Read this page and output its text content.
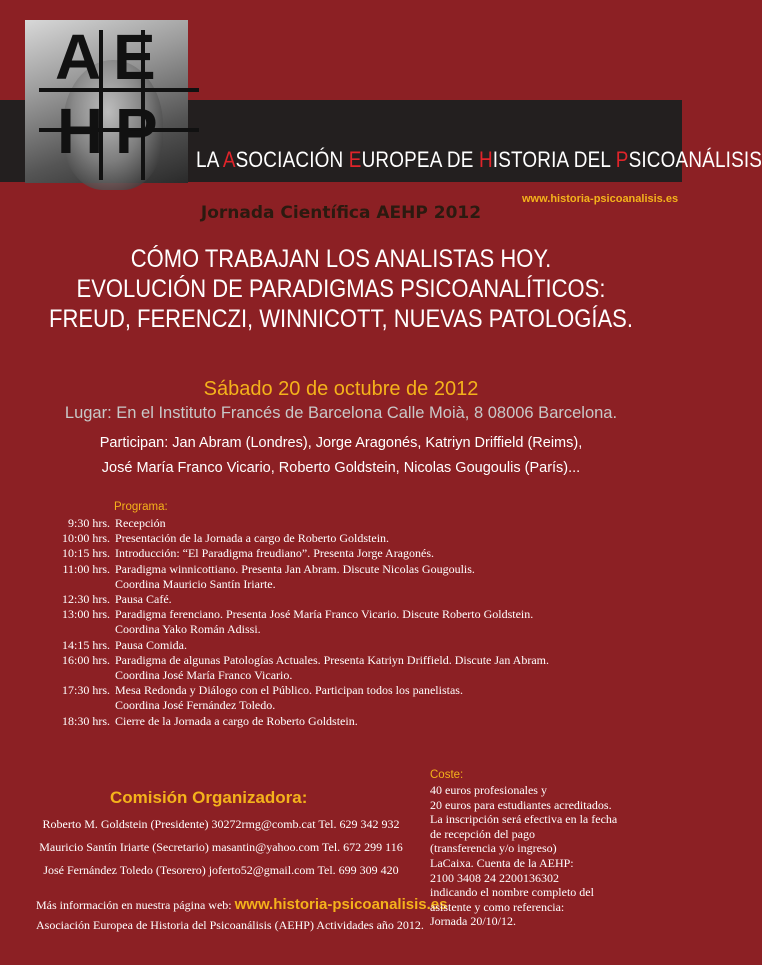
A E
H P LA ASOCIACIÓN EUROPEA DE HISTORIA DEL PSICOANÁLISIS
www.historia-psicoanalisis.es
Jornada Científica AEHP 2012
CÓMO TRABAJAN LOS ANALISTAS HOY.
EVOLUCIÓN DE PARADIGMAS PSICOANALÍTICOS:
FREUD, FERENCZI, WINNICOTT, NUEVAS PATOLOGÍAS.
Sábado 20 de octubre de 2012
Lugar: En el Instituto Francés de Barcelona Calle Moià, 8 08006 Barcelona.
Participan: Jan Abram (Londres), Jorge Aragonés, Katriyn Driffield (Reims),
José María Franco Vicario, Roberto Goldstein, Nicolas Gougoulis (París)...
Programa:
9:30 hrs. Recepción
10:00 hrs. Presentación de la Jornada a cargo de Roberto Goldstein.
10:15 hrs. Introducción: “El Paradigma freudiano”. Presenta Jorge Aragonés.
11:00 hrs. Paradigma winnicottiano. Presenta Jan Abram. Discute Nicolas Gougoulis.
Coordina Mauricio Santín Iriarte.
12:30 hrs. Pausa Café.
13:00 hrs. Paradigma ferenciano. Presenta José María Franco Vicario. Discute Roberto Goldstein.
Coordina Yako Román Adissi.
14:15 hrs. Pausa Comida.
16:00 hrs. Paradigma de algunas Patologías Actuales. Presenta Katriyn Driffield. Discute Jan Abram.
Coordina José María Franco Vicario.
17:30 hrs. Mesa Redonda y Diálogo con el Público. Participan todos los panelistas.
Coordina José Fernández Toledo.
18:30 hrs. Cierre de la Jornada a cargo de Roberto Goldstein.
Comisión Organizadora:
Roberto M. Goldstein (Presidente) 30272rmg@comb.cat Tel. 629 342 932
Mauricio Santín Iriarte (Secretario) masantin@yahoo.com Tel. 672 299 116
José Fernández Toledo (Tesorero) joferto52@gmail.com Tel. 699 309 420
Más información en nuestra página web: www.historia-psicoanalisis.es
Asociación Europea de Historia del Psicoanálisis (AEHP) Actividades año 2012.
Coste:
40 euros profesionales y
20 euros para estudiantes acreditados.
La inscripción será efectiva en la fecha
de recepción del pago
(transferencia y/o ingreso)
LaCaixa. Cuenta de la AEHP:
2100 3408 24 2200136302
indicando el nombre completo del
asistente y como referencia:
Jornada 20/10/12.
